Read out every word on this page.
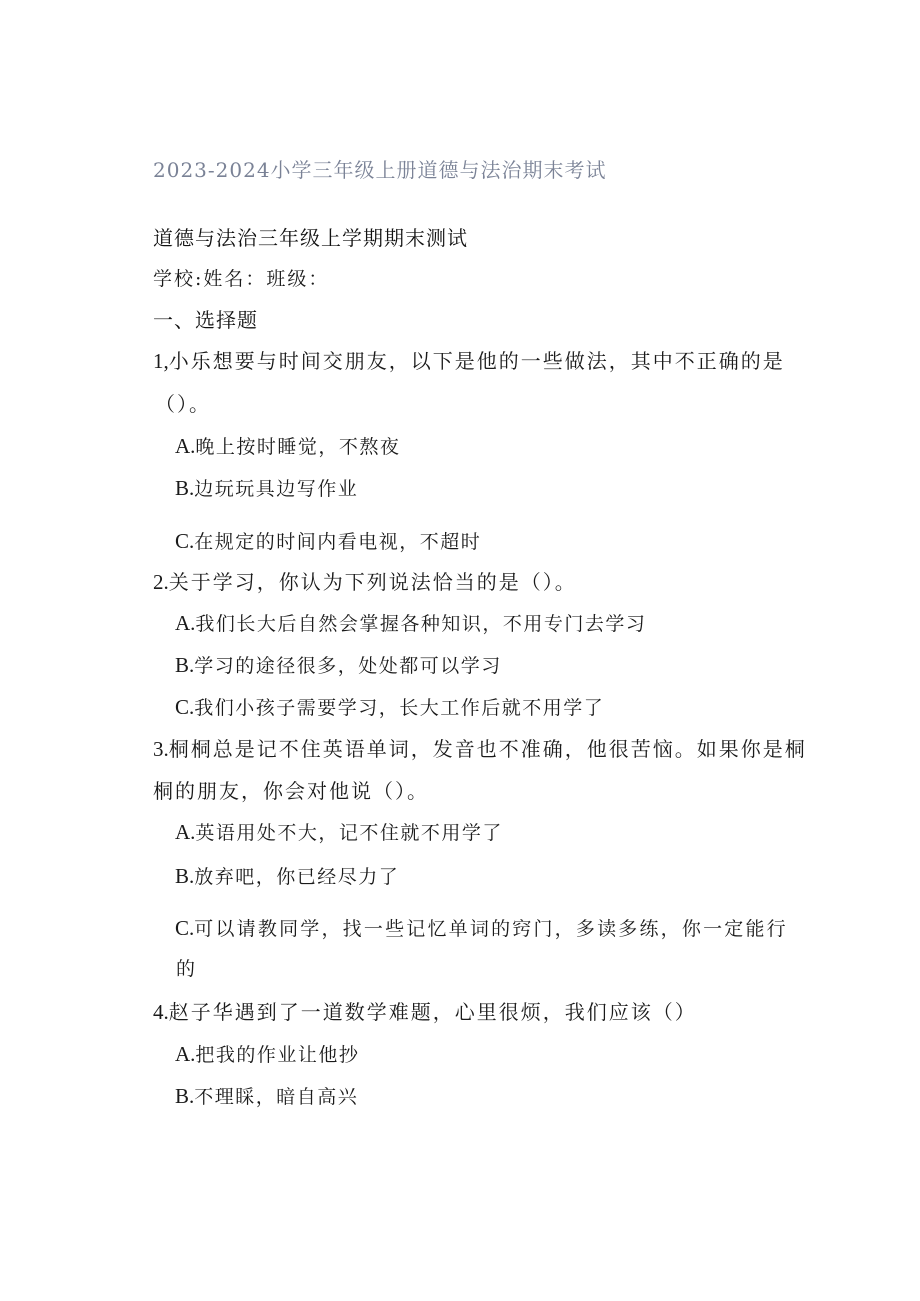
2023-2024小学三年级上册道德与法治期末考试
道德与法治三年级上学期期末测试
学校:姓名：班级：
一、选择题
1,小乐想要与时间交朋友，以下是他的一些做法，其中不正确的是
（）。
A.晚上按时睡觉，不熬夜
B.边玩玩具边写作业
C.在规定的时间内看电视，不超时
2.关于学习，你认为下列说法恰当的是（）。
A.我们长大后自然会掌握各种知识，不用专门去学习
B.学习的途径很多，处处都可以学习
C.我们小孩子需要学习，长大工作后就不用学了
3.桐桐总是记不住英语单词，发音也不准确，他很苦恼。如果你是桐
桐的朋友，你会对他说（）。
A.英语用处不大，记不住就不用学了
B.放弃吧，你已经尽力了
C.可以请教同学，找一些记忆单词的窍门，多读多练，你一定能行
的
4.赵子华遇到了一道数学难题，心里很烦，我们应该（）
A.把我的作业让他抄
B.不理睬，暗自高兴
